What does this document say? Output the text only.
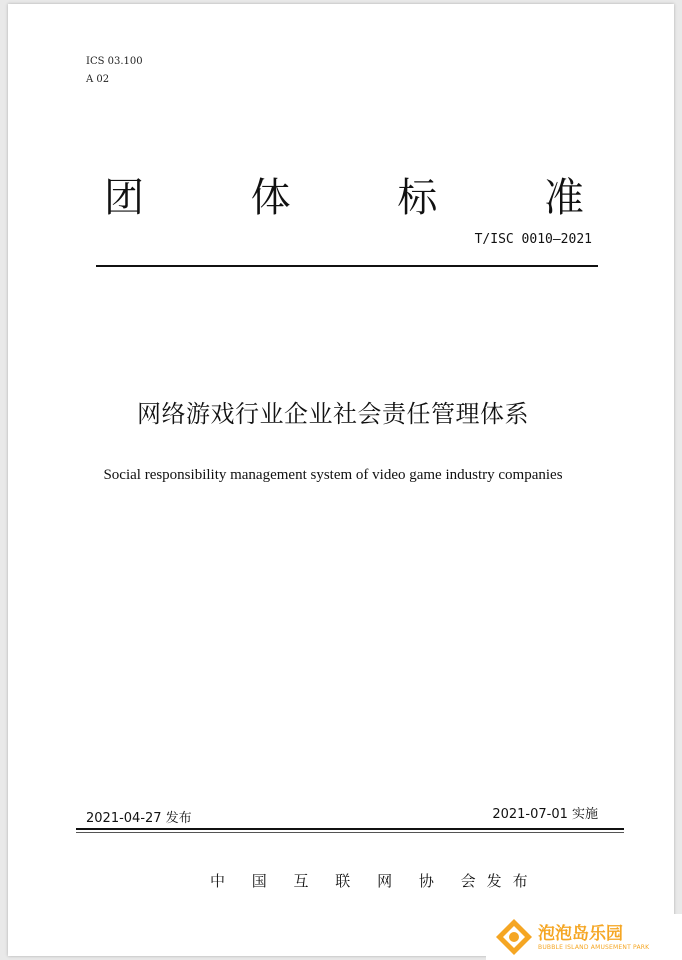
ICS 03.100
A 02
团	体	标	准
T/ISC 0010—2021
网络游戏行业企业社会责任管理体系
Social responsibility management system of video game industry companies
2021-04-27 发布	2021-07-01 实施
中 国 互 联 网 协 会发布
泡泡岛乐园
BUBBLE ISLAND AMUSEMENT PARK
